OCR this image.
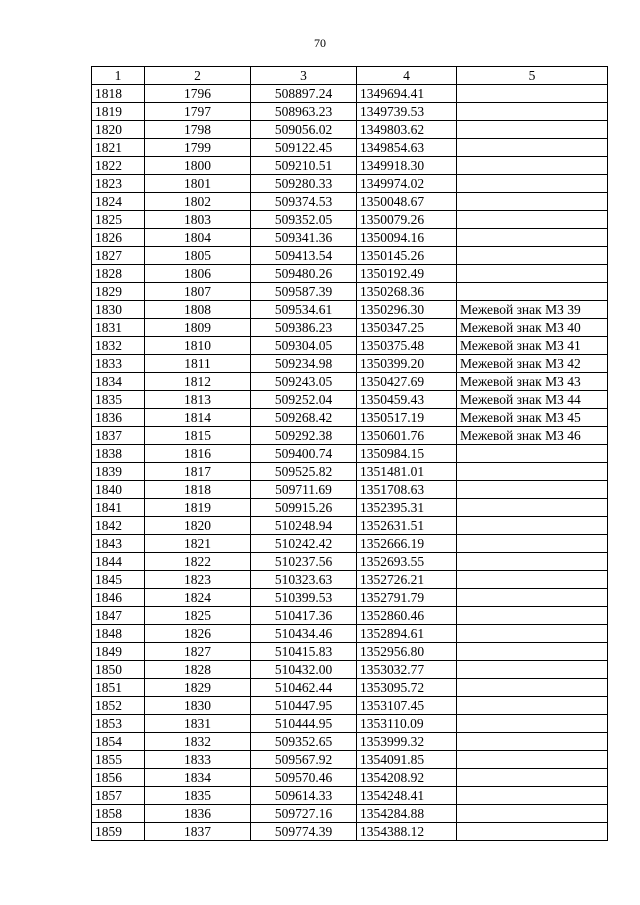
70
1	2	3	4	5
1818	1796	508897.24	1349694.41	
1819	1797	508963.23	1349739.53	
1820	1798	509056.02	1349803.62	
1821	1799	509122.45	1349854.63	
1822	1800	509210.51	1349918.30	
1823	1801	509280.33	1349974.02	
1824	1802	509374.53	1350048.67	
1825	1803	509352.05	1350079.26	
1826	1804	509341.36	1350094.16	
1827	1805	509413.54	1350145.26	
1828	1806	509480.26	1350192.49	
1829	1807	509587.39	1350268.36	
1830	1808	509534.61	1350296.30	Межевой знак МЗ 39
1831	1809	509386.23	1350347.25	Межевой знак МЗ 40
1832	1810	509304.05	1350375.48	Межевой знак МЗ 41
1833	1811	509234.98	1350399.20	Межевой знак МЗ 42
1834	1812	509243.05	1350427.69	Межевой знак МЗ 43
1835	1813	509252.04	1350459.43	Межевой знак МЗ 44
1836	1814	509268.42	1350517.19	Межевой знак МЗ 45
1837	1815	509292.38	1350601.76	Межевой знак МЗ 46
1838	1816	509400.74	1350984.15	
1839	1817	509525.82	1351481.01	
1840	1818	509711.69	1351708.63	
1841	1819	509915.26	1352395.31	
1842	1820	510248.94	1352631.51	
1843	1821	510242.42	1352666.19	
1844	1822	510237.56	1352693.55	
1845	1823	510323.63	1352726.21	
1846	1824	510399.53	1352791.79	
1847	1825	510417.36	1352860.46	
1848	1826	510434.46	1352894.61	
1849	1827	510415.83	1352956.80	
1850	1828	510432.00	1353032.77	
1851	1829	510462.44	1353095.72	
1852	1830	510447.95	1353107.45	
1853	1831	510444.95	1353110.09	
1854	1832	509352.65	1353999.32	
1855	1833	509567.92	1354091.85	
1856	1834	509570.46	1354208.92	
1857	1835	509614.33	1354248.41	
1858	1836	509727.16	1354284.88	
1859	1837	509774.39	1354388.12	
